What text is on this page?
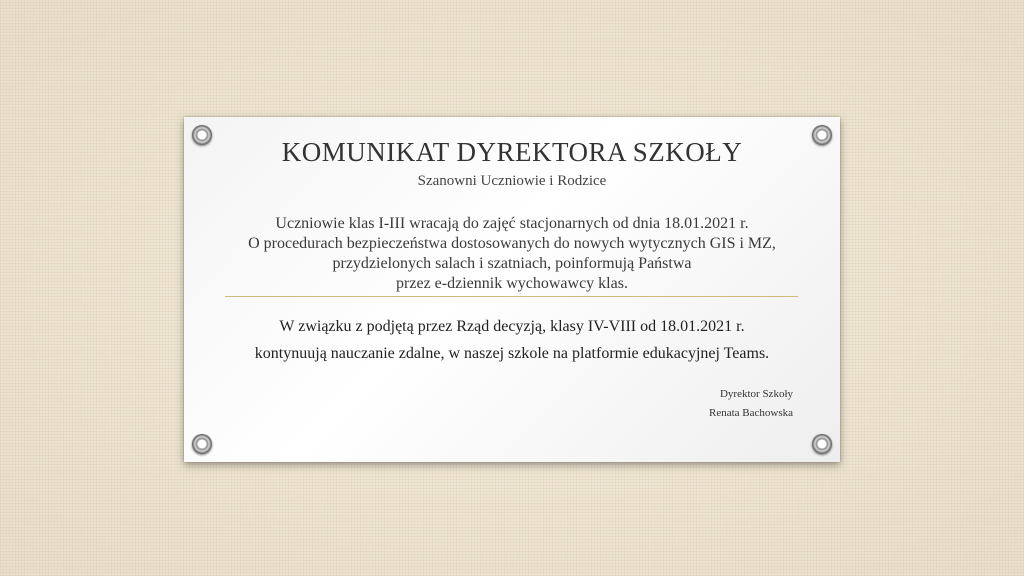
KOMUNIKAT DYREKTORA SZKOŁY
Szanowni Uczniowie i Rodzice
Uczniowie klas I-III wracają do zajęć stacjonarnych od dnia 18.01.2021 r.
O procedurach bezpieczeństwa dostosowanych do nowych wytycznych GIS i MZ,
przydzielonych salach i szatniach, poinformują Państwa
przez e-dziennik wychowawcy klas.
W związku z podjętą przez Rząd decyzją, klasy IV-VIII od 18.01.2021 r.
kontynuują nauczanie zdalne, w naszej szkole na platformie edukacyjnej Teams.
Dyrektor Szkoły
Renata Bachowska
